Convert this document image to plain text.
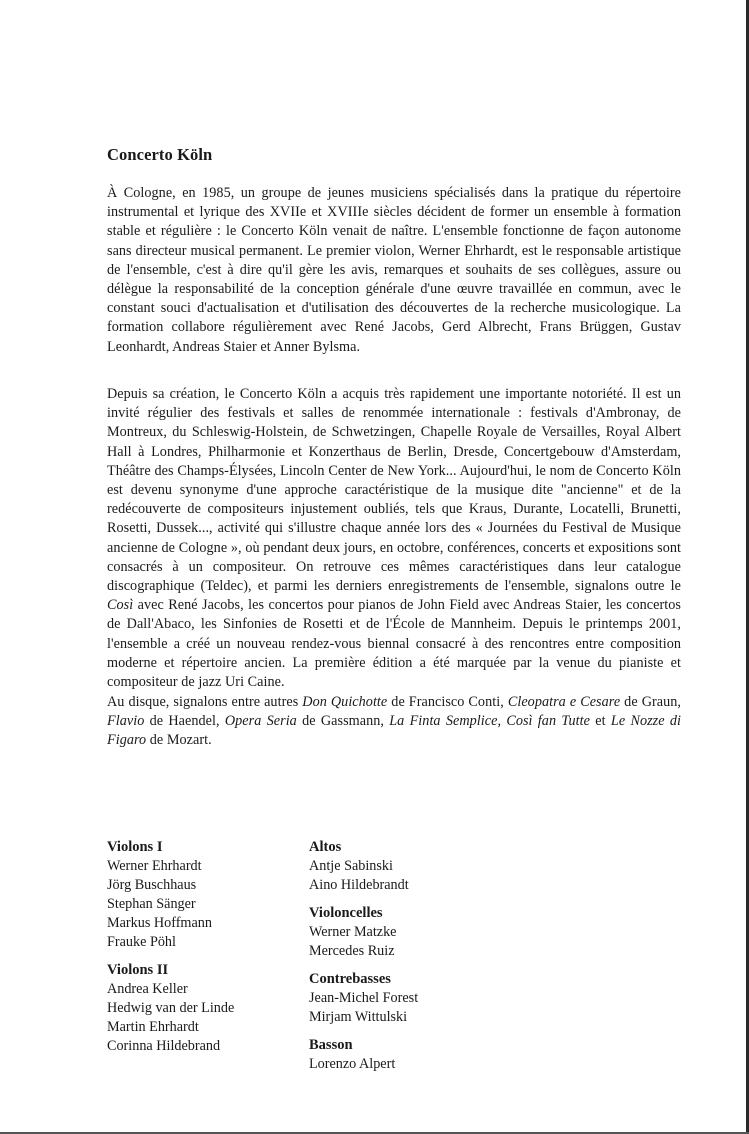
Concerto Köln

À Cologne, en 1985, un groupe de jeunes musiciens spécialisés dans la pratique du répertoire instrumental et lyrique des XVIIe et XVIIIe siècles décident de former un ensemble à formation stable et régulière : le Concerto Köln venait de naître. L'ensemble fonctionne de façon autonome sans directeur musical permanent. Le premier violon, Werner Ehrhardt, est le responsable artistique de l'ensemble, c'est à dire qu'il gère les avis, remarques et souhaits de ses collègues, assure ou délègue la responsabilité de la conception générale d'une œuvre travaillée en commun, avec le constant souci d'actualisation et d'utilisation des découvertes de la recherche musicologique. La formation collabore régulièrement avec René Jacobs, Gerd Albrecht, Frans Brüggen, Gustav Leonhardt, Andreas Staier et Anner Bylsma.

Depuis sa création, le Concerto Köln a acquis très rapidement une importante notoriété. Il est un invité régulier des festivals et salles de renommée internationale : festivals d'Ambronay, de Montreux, du Schleswig-Holstein, de Schwetzingen, Chapelle Royale de Versailles, Royal Albert Hall à Londres, Philharmonie et Konzerthaus de Berlin, Dresde, Concertgebouw d'Amsterdam, Théâtre des Champs-Élysées, Lincoln Center de New York... Aujourd'hui, le nom de Concerto Köln est devenu synonyme d'une approche caractéristique de la musique dite "ancienne" et de la redécouverte de compositeurs injustement oubliés, tels que Kraus, Durante, Locatelli, Brunetti, Rosetti, Dussek..., activité qui s'illustre chaque année lors des « Journées du Festival de Musique ancienne de Cologne », où pendant deux jours, en octobre, conférences, concerts et expositions sont consacrés à un compositeur. On retrouve ces mêmes caractéristiques dans leur catalogue discographique (Teldec), et parmi les derniers enregistrements de l'ensemble, signalons outre le Così avec René Jacobs, les concertos pour pianos de John Field avec Andreas Staier, les concertos de Dall'Abaco, les Sinfonies de Rosetti et de l'École de Mannheim. Depuis le printemps 2001, l'ensemble a créé un nouveau rendez-vous biennal consacré à des rencontres entre composition moderne et répertoire ancien. La première édition a été marquée par la venue du pianiste et compositeur de jazz Uri Caine.

Au disque, signalons entre autres Don Quichotte de Francisco Conti, Cleopatra e Cesare de Graun, Flavio de Haendel, Opera Seria de Gassmann, La Finta Semplice, Così fan Tutte et Le Nozze di Figaro de Mozart.

Violons I
Werner Ehrhardt
Jörg Buschhaus
Stephan Sänger
Markus Hoffmann
Frauke Pöhl
Violons II
Andrea Keller
Hedwig van der Linde
Martin Ehrhardt
Corinna Hildebrand
Altos
Antje Sabinski
Aino Hildebrandt
Violoncelles
Werner Matzke
Mercedes Ruiz
Contrebasses
Jean-Michel Forest
Mirjam Wittulski
Basson
Lorenzo Alpert
